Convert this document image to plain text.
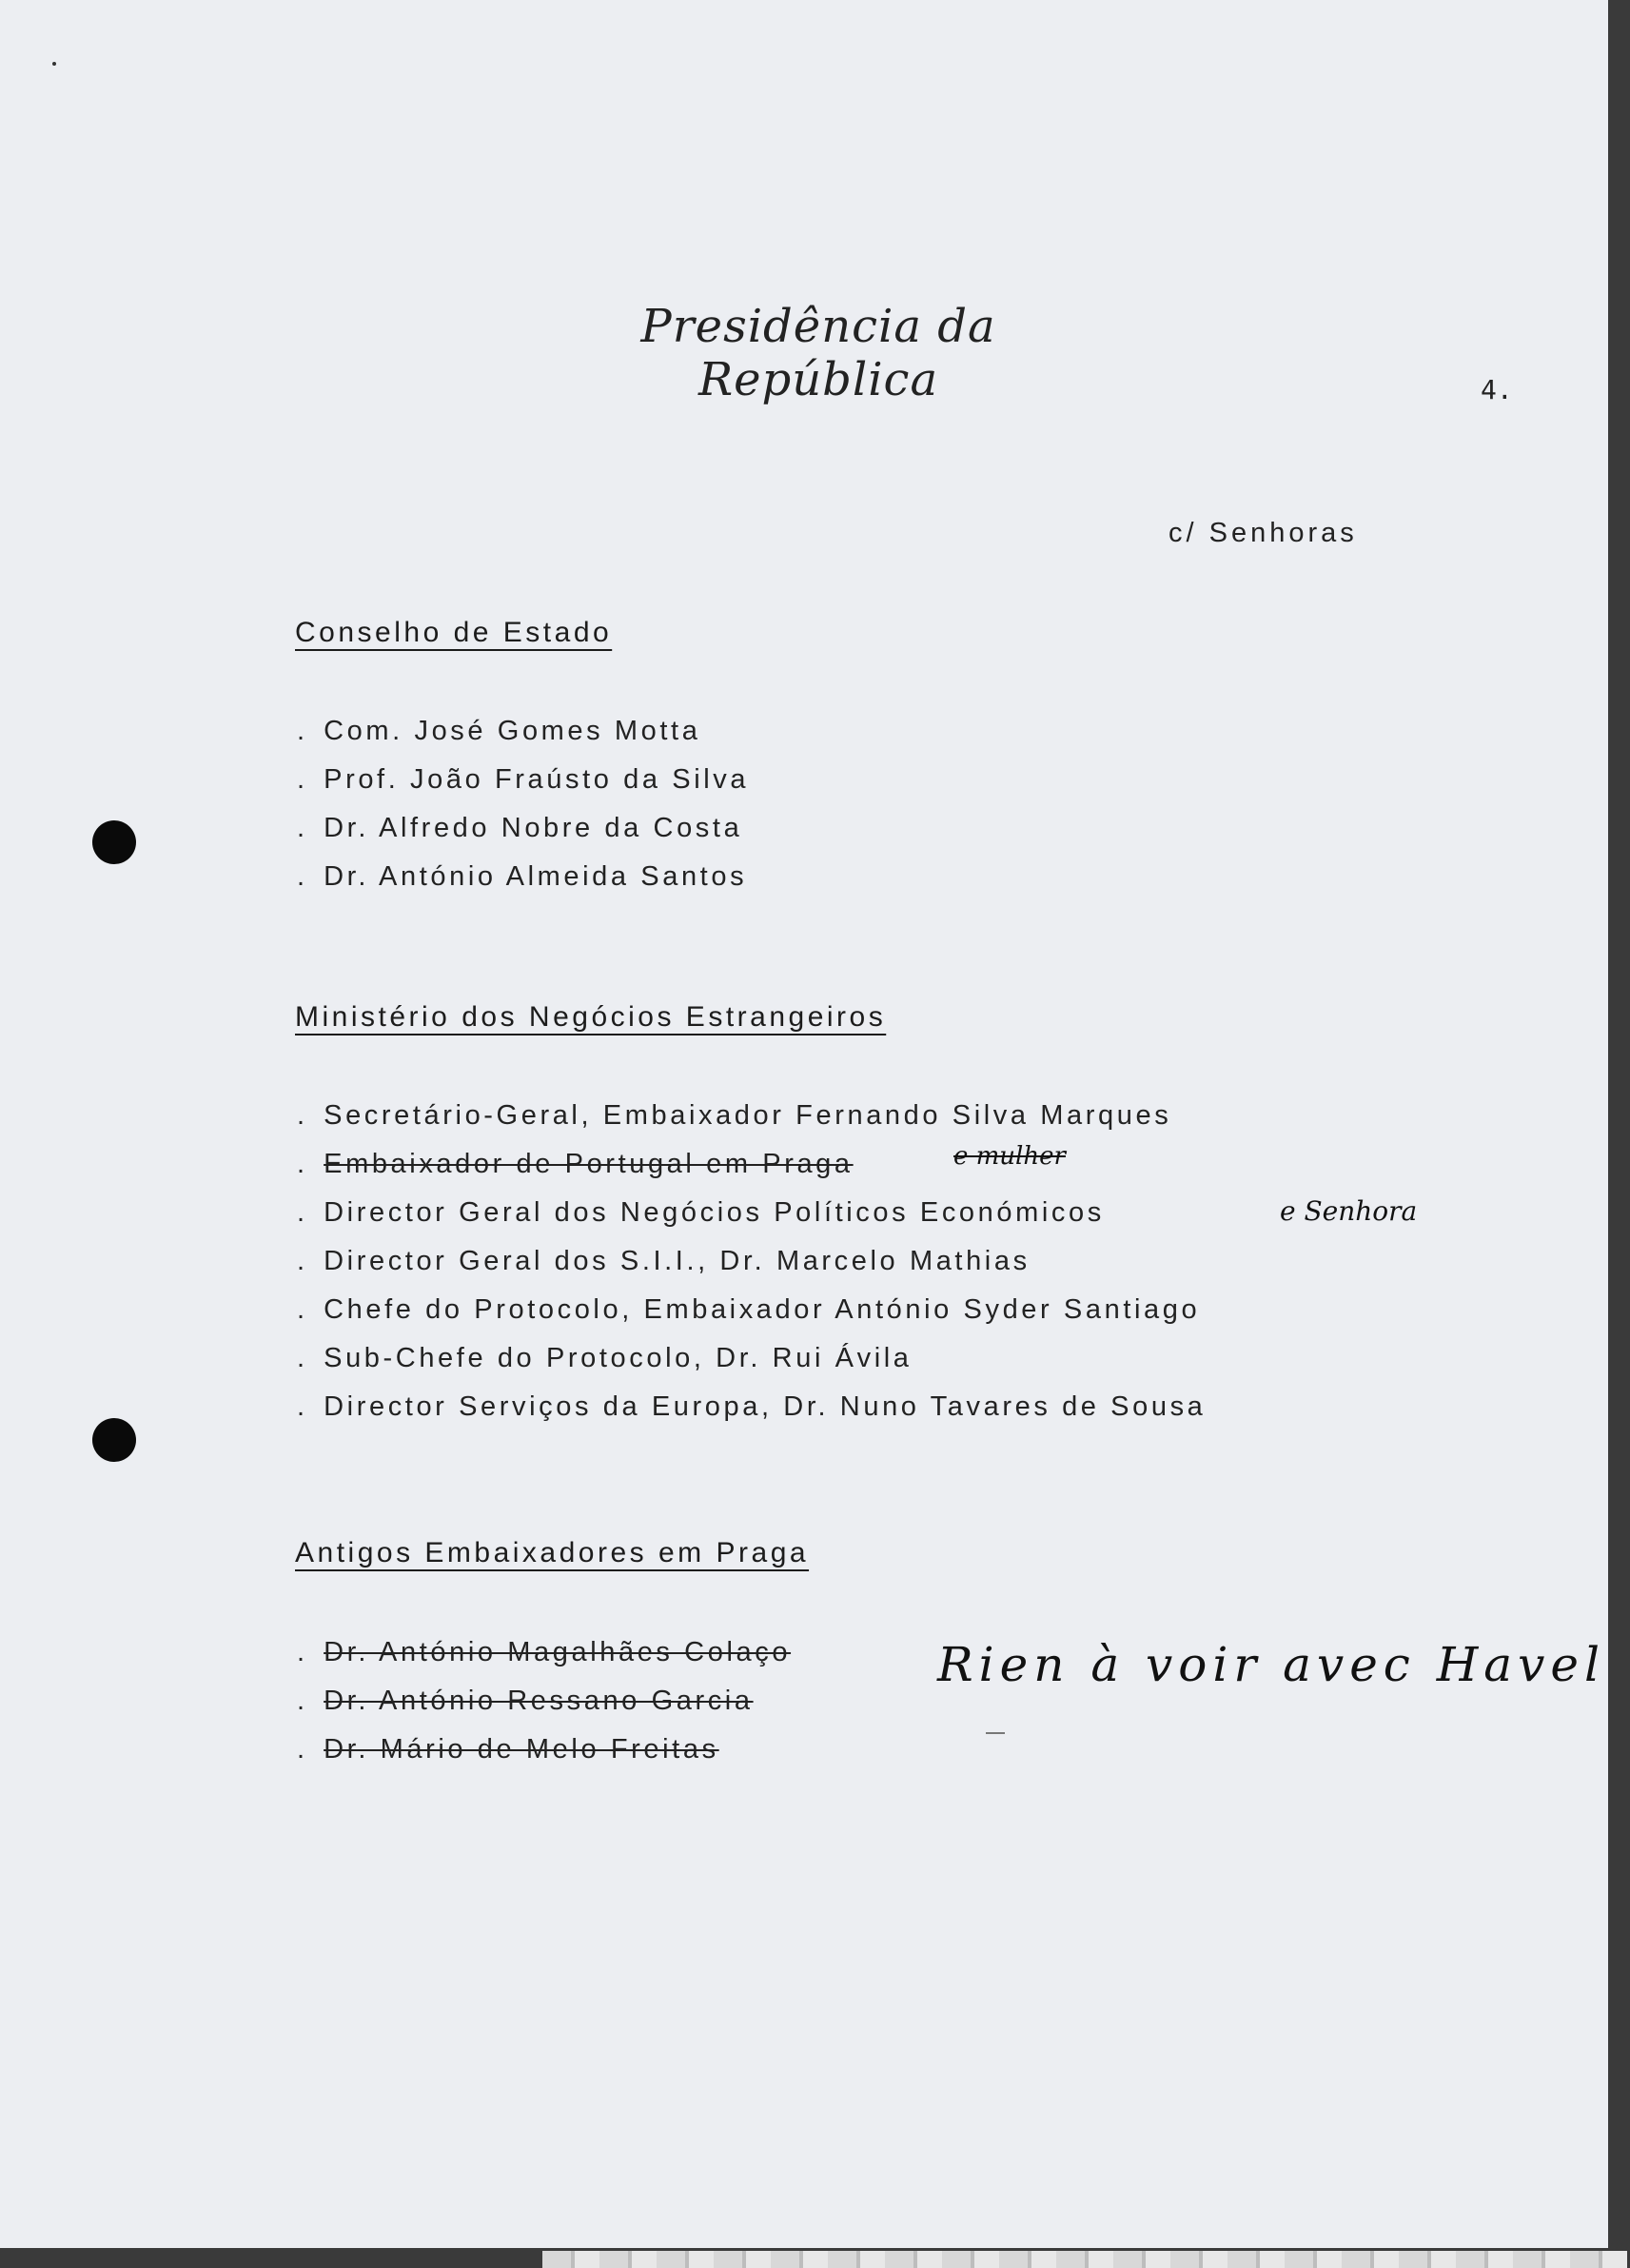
Presidência da República	4.
c/ Senhoras
Conselho de Estado
. Com. José Gomes Motta
. Prof. João Fraústo da Silva
. Dr. Alfredo Nobre da Costa
. Dr. António Almeida Santos
Ministério dos Negócios Estrangeiros
. Secretário-Geral, Embaixador Fernando Silva Marques
. Embaixador de Portugal em Praga
. Director Geral dos Negócios Políticos Económicos
. Director Geral dos S.I.I., Dr. Marcelo Mathias
. Chefe do Protocolo, Embaixador António Syder Santiago
. Sub-Chefe do Protocolo, Dr. Rui Ávila
. Director Serviços da Europa, Dr. Nuno Tavares de Sousa
Antigos Embaixadores em Praga
. Dr. António Magalhães Colaço
. Dr. António Ressano Garcia
. Dr. Mário de Melo Freitas
e mulher
e Senhora
Rien à voir avec Havel
